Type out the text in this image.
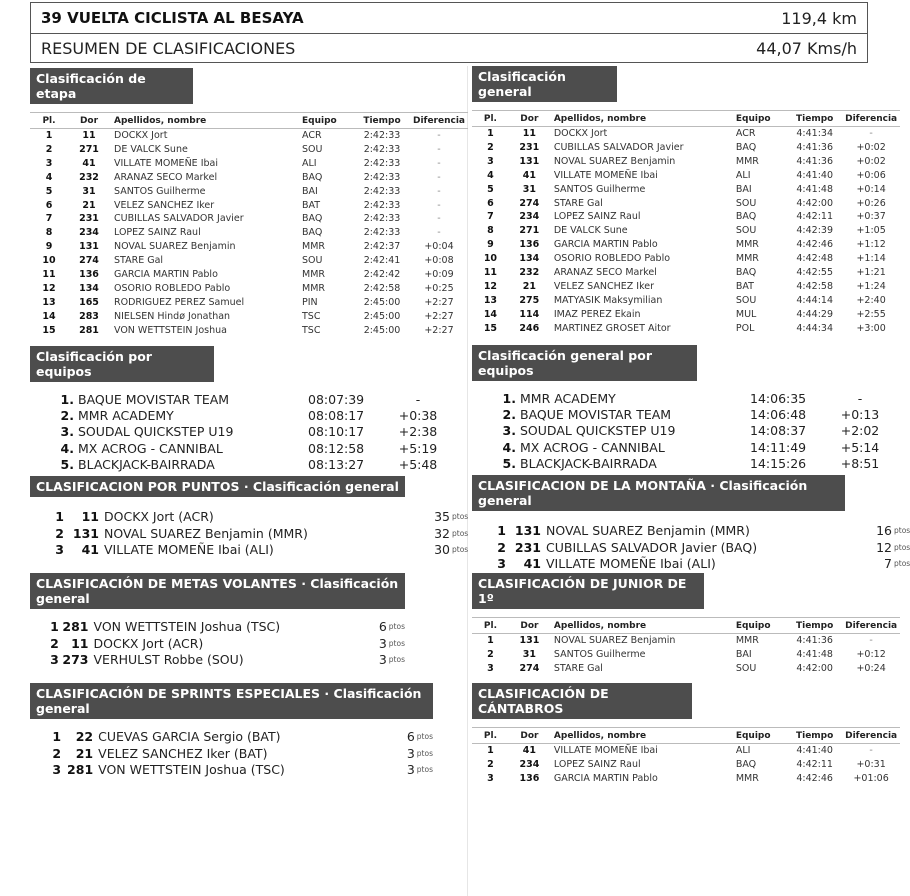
39 VUELTA CICLISTA AL BESAYA	119,4 km
RESUMEN DE CLASIFICACIONES	44,07 Kms/h
Clasificación de etapa
Pl.	Dor	Apellidos, nombre	Equipo	Tiempo	Diferencia
1	11	DOCKX Jort	ACR	2:42:33	-
2	271	DE VALCK Sune	SOU	2:42:33	-
3	41	VILLATE MOMEÑE Ibai	ALI	2:42:33	-
4	232	ARANAZ SECO Markel	BAQ	2:42:33	-
5	31	SANTOS Guilherme	BAI	2:42:33	-
6	21	VELEZ SANCHEZ Iker	BAT	2:42:33	-
7	231	CUBILLAS SALVADOR Javier	BAQ	2:42:33	-
8	234	LOPEZ SAINZ Raul	BAQ	2:42:33	-
9	131	NOVAL SUAREZ Benjamin	MMR	2:42:37	+0:04
10	274	STARE Gal	SOU	2:42:41	+0:08
11	136	GARCIA MARTIN Pablo	MMR	2:42:42	+0:09
12	134	OSORIO ROBLEDO Pablo	MMR	2:42:58	+0:25
13	165	RODRIGUEZ PEREZ Samuel	PIN	2:45:00	+2:27
14	283	NIELSEN Hindø Jonathan	TSC	2:45:00	+2:27
15	281	VON WETTSTEIN Joshua	TSC	2:45:00	+2:27
Clasificación por equipos
1. BAQUE MOVISTAR TEAM	08:07:39	-
2. MMR ACADEMY	08:08:17	+0:38
3. SOUDAL QUICKSTEP U19	08:10:17	+2:38
4. MX ACROG - CANNIBAL	08:12:58	+5:19
5. BLACKJACK-BAIRRADA	08:13:27	+5:48
CLASIFICACION POR PUNTOS · Clasificación general
1	11 DOCKX Jort (ACR)	35 ptos
2 131 NOVAL SUAREZ Benjamin (MMR)	32 ptos
3	41 VILLATE MOMEÑE Ibai (ALI)	30 ptos
CLASIFICACIÓN DE METAS VOLANTES · Clasificación general
1 281 VON WETTSTEIN Joshua (TSC)	6 ptos
2 11 DOCKX Jort (ACR)	3 ptos
3 273 VERHULST Robbe (SOU)	3 ptos
CLASIFICACIÓN DE SPRINTS ESPECIALES · Clasificación general
1	22 CUEVAS GARCIA Sergio (BAT)	6 ptos
2	21 VELEZ SANCHEZ Iker (BAT)	3 ptos
3 281 VON WETTSTEIN Joshua (TSC)	3 ptos
Clasificación general
Pl.	Dor	Apellidos, nombre	Equipo	Tiempo	Diferencia
1	11	DOCKX Jort	ACR	4:41:34	-
2	231	CUBILLAS SALVADOR Javier	BAQ	4:41:36	+0:02
3	131	NOVAL SUAREZ Benjamin	MMR	4:41:36	+0:02
4	41	VILLATE MOMEÑE Ibai	ALI	4:41:40	+0:06
5	31	SANTOS Guilherme	BAI	4:41:48	+0:14
6	274	STARE Gal	SOU	4:42:00	+0:26
7	234	LOPEZ SAINZ Raul	BAQ	4:42:11	+0:37
8	271	DE VALCK Sune	SOU	4:42:39	+1:05
9	136	GARCIA MARTIN Pablo	MMR	4:42:46	+1:12
10	134	OSORIO ROBLEDO Pablo	MMR	4:42:48	+1:14
11	232	ARANAZ SECO Markel	BAQ	4:42:55	+1:21
12	21	VELEZ SANCHEZ Iker	BAT	4:42:58	+1:24
13	275	MATYASIK Maksymilian	SOU	4:44:14	+2:40
14	114	IMAZ PEREZ Ekain	MUL	4:44:29	+2:55
15	246	MARTINEZ GROSET Aitor	POL	4:44:34	+3:00
Clasificación general por equipos
1. MMR ACADEMY	14:06:35	-
2. BAQUE MOVISTAR TEAM	14:06:48	+0:13
3. SOUDAL QUICKSTEP U19	14:08:37	+2:02
4. MX ACROG - CANNIBAL	14:11:49	+5:14
5. BLACKJACK-BAIRRADA	14:15:26	+8:51
CLASIFICACION DE LA MONTAÑA · Clasificación general
1 131 NOVAL SUAREZ Benjamin (MMR)	16 ptos
2 231 CUBILLAS SALVADOR Javier (BAQ)	12 ptos
3	41 VILLATE MOMEÑE Ibai (ALI)	7 ptos
CLASIFICACIÓN DE JUNIOR DE 1º
Pl.	Dor	Apellidos, nombre	Equipo	Tiempo	Diferencia
1	131	NOVAL SUAREZ Benjamin	MMR	4:41:36	-
2	31	SANTOS Guilherme	BAI	4:41:48	+0:12
3	274	STARE Gal	SOU	4:42:00	+0:24
CLASIFICACIÓN DE CÁNTABROS
Pl.	Dor	Apellidos, nombre	Equipo	Tiempo	Diferencia
1	41	VILLATE MOMEÑE Ibai	ALI	4:41:40	-
2	234	LOPEZ SAINZ Raul	BAQ	4:42:11	+0:31
3	136	GARCIA MARTIN Pablo	MMR	4:42:46	+01:06
